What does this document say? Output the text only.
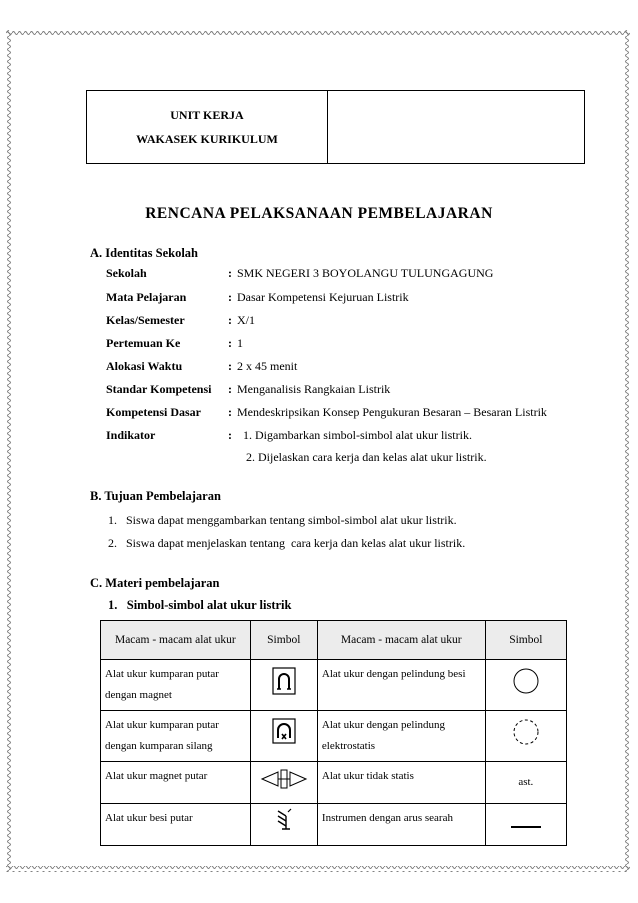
UNIT KERJA
WAKASEK KURIKULUM
RENCANA PELAKSANAAN PEMBELAJARAN
A. Identitas Sekolah
Sekolah	: SMK NEGERI 3 BOYOLANGU TULUNGAGUNG
Mata Pelajaran	: Dasar Kompetensi Kejuruan Listrik
Kelas/Semester	: X/1
Pertemuan Ke	: 1
Alokasi Waktu	: 2 x 45 menit
Standar Kompetensi	: Menganalisis Rangkaian Listrik
Kompetensi Dasar	: Mendeskripsikan Konsep Pengukuran Besaran – Besaran Listrik
Indikator	:   1. Digambarkan simbol-simbol alat ukur listrik.
2. Dijelaskan cara kerja dan kelas alat ukur listrik.
B. Tujuan Pembelajaran
1.   Siswa dapat menggambarkan tentang simbol-simbol alat ukur listrik.
2.   Siswa dapat menjelaskan tentang  cara kerja dan kelas alat ukur listrik.
C. Materi pembelajaran
1.   Simbol-simbol alat ukur listrik
Macam - macam alat ukur	Simbol	Macam - macam alat ukur	Simbol
Alat ukur kumparan putar dengan magnet		Alat ukur dengan pelindung besi	
Alat ukur kumparan putar dengan kumparan silang		Alat ukur dengan pelindung elektrostatis	
Alat ukur magnet putar		Alat ukur tidak statis	ast.
Alat ukur besi putar		Instrumen dengan arus searah	
